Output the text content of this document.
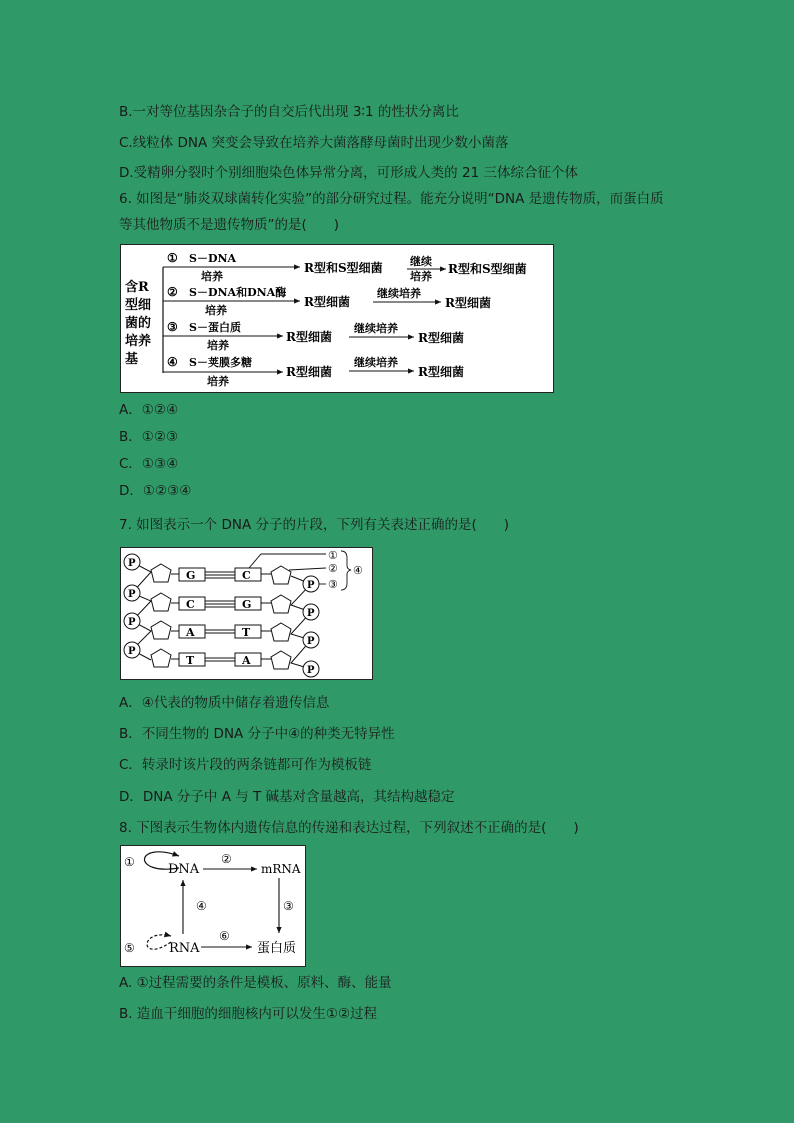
B.一对等位基因杂合子的自交后代出现 3∶1 的性状分离比
C.线粒体 DNA 突变会导致在培养大菌落酵母菌时出现少数小菌落
D.受精卵分裂时个别细胞染色体异常分离，可形成人类的 21 三体综合征个体
6. 如图是“肺炎双球菌转化实验”的部分研究过程。能充分说明“DNA 是遗传物质，而蛋白质
等其他物质不是遗传物质”的是(　　)
含R
型细
菌的
培养
基
① S－DNA
培养
R型和S型细菌 继续
培养
R型和S型细菌
② S－DNA和DNA酶
培养
R型细菌
继续培养
R型细菌
③ S－蛋白质
培养
R型细菌
继续培养
R型细菌
④ S－荚膜多糖
培养
R型细菌
继续培养
R型细菌
A．①②④
B．①②③
C．①③④
D．①②③④
7. 如图表示一个 DNA 分子的片段，下列有关表述正确的是(　　)
P
G	C
P
P
C	G
P
P
A	T
P
P
T	A
P
①
②
③
④
A．④代表的物质中储存着遗传信息
B．不同生物的 DNA 分子中④的种类无特异性
C．转录时该片段的两条链都可作为模板链
D．DNA 分子中 A 与 T 碱基对含量越高，其结构越稳定
8. 下图表示生物体内遗传信息的传递和表达过程，下列叙述不正确的是(　　)
①	DNA
②
mRNA
③
④
⑤	RNA
⑥
蛋白质
A. ①过程需要的条件是模板、原料、酶、能量
B. 造血干细胞的细胞核内可以发生①②过程
